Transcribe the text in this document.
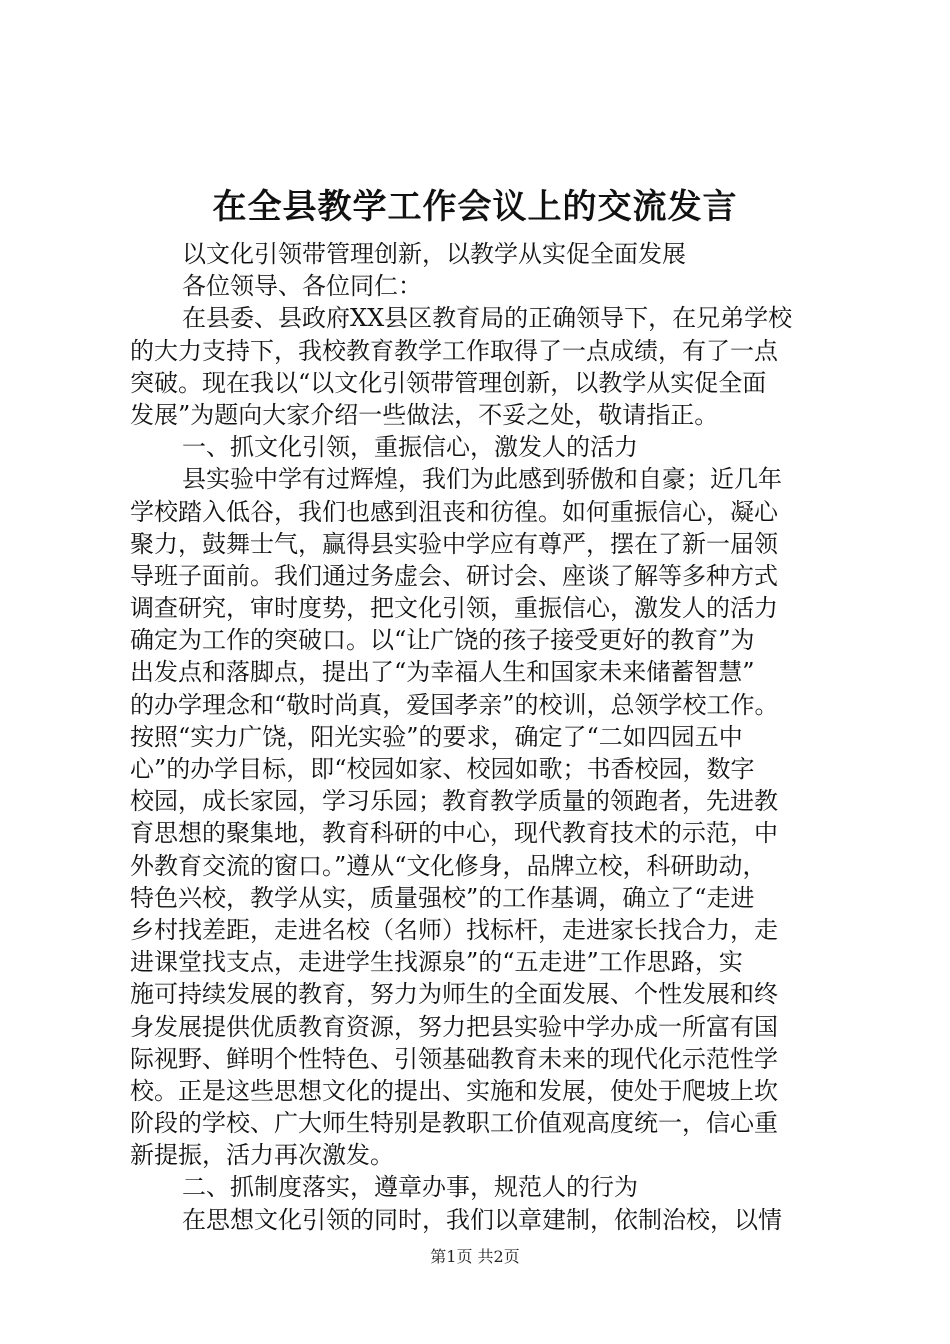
在全县教学工作会议上的交流发言
以文化引领带管理创新，以教学从实促全面发展
各位领导、各位同仁：
在县委、县政府XX县区教育局的正确领导下，在兄弟学校
的大力支持下，我校教育教学工作取得了一点成绩，有了一点
突破。现在我以“以文化引领带管理创新，以教学从实促全面
发展”为题向大家介绍一些做法，不妥之处，敬请指正。
一、抓文化引领，重振信心，激发人的活力
县实验中学有过辉煌，我们为此感到骄傲和自豪；近几年
学校踏入低谷，我们也感到沮丧和彷徨。如何重振信心，凝心
聚力，鼓舞士气，赢得县实验中学应有尊严，摆在了新一届领
导班子面前。我们通过务虚会、研讨会、座谈了解等多种方式
调查研究，审时度势，把文化引领，重振信心，激发人的活力
确定为工作的突破口。以“让广饶的孩子接受更好的教育”为
出发点和落脚点，提出了“为幸福人生和国家未来储蓄智慧”
的办学理念和“敬时尚真，爱国孝亲”的校训，总领学校工作。
按照“实力广饶，阳光实验”的要求，确定了“二如四园五中
心”的办学目标，即“校园如家、校园如歌；书香校园，数字
校园，成长家园，学习乐园；教育教学质量的领跑者，先进教
育思想的聚集地，教育科研的中心，现代教育技术的示范，中
外教育交流的窗口。”遵从“文化修身，品牌立校，科研助动，
特色兴校，教学从实，质量强校”的工作基调，确立了“走进
乡村找差距，走进名校（名师）找标杆，走进家长找合力，走
进课堂找支点，走进学生找源泉”的“五走进”工作思路，实
施可持续发展的教育，努力为师生的全面发展、个性发展和终
身发展提供优质教育资源，努力把县实验中学办成一所富有国
际视野、鲜明个性特色、引领基础教育未来的现代化示范性学
校。正是这些思想文化的提出、实施和发展，使处于爬坡上坎
阶段的学校、广大师生特别是教职工价值观高度统一，信心重
新提振，活力再次激发。
二、抓制度落实，遵章办事，规范人的行为
在思想文化引领的同时，我们以章建制，依制治校，以情
第1页 共2页
